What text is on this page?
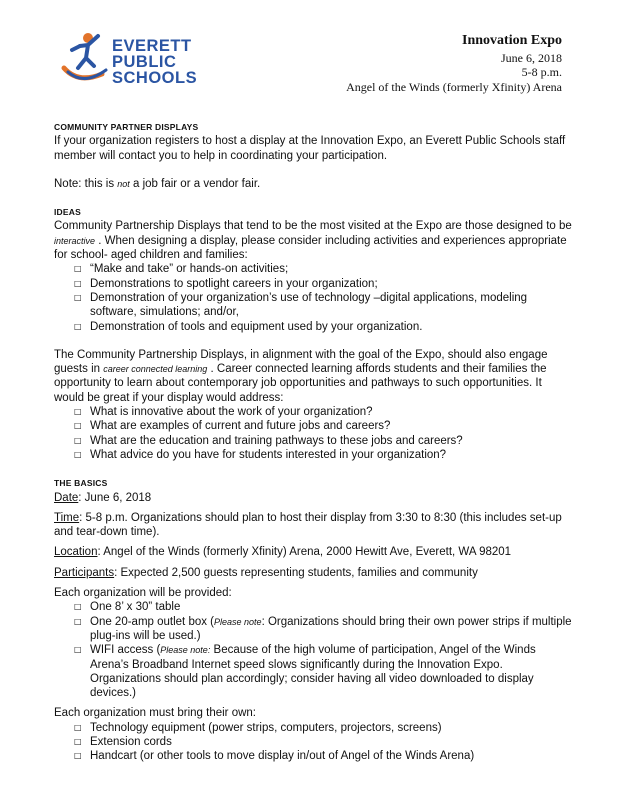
EVERETT
PUBLIC
SCHOOLS
Innovation Expo
June 6, 2018
5-8 p.m.
Angel of the Winds (formerly Xfinity) Arena
COMMUNITY PARTNER DISPLAYS

If your organization registers to host a display at the Innovation Expo, an Everett Public Schools staff member will contact you to help in coordinating your participation.

Note: this is not a job fair or a vendor fair.

IDEAS

Community Partnership Displays that tend to be the most visited at the Expo are those designed to be interactive . When designing a display, please consider including activities and experiences appropriate for school- aged children and families:

□ “Make and take” or hands-on activities;
□ Demonstrations to spotlight careers in your organization;
□ Demonstration of your organization’s use of technology –digital applications, modeling software, simulations; and/or,
□ Demonstration of tools and equipment used by your organization.

The Community Partnership Displays, in alignment with the goal of the Expo, should also engage guests in career connected learning . Career connected learning affords students and their families the opportunity to learn about contemporary job opportunities and pathways to such opportunities. It would be great if your display would address:

□ What is innovative about the work of your organization?
□ What are examples of current and future jobs and careers?
□ What are the education and training pathways to these jobs and careers?
□ What advice do you have for students interested in your organization?
THE BASICS

Date: June 6, 2018

Time: 5-8 p.m. Organizations should plan to host their display from 3:30 to 8:30 (this includes set-up and tear-down time).

Location: Angel of the Winds (formerly Xfinity) Arena, 2000 Hewitt Ave, Everett, WA 98201

Participants: Expected 2,500 guests representing students, families and community

Each organization will be provided:

□ One 8’ x 30” table
□ One 20-amp outlet box (Please note: Organizations should bring their own power strips if multiple plug-ins will be used.)
□ WIFI access (Please note: Because of the high volume of participation, Angel of the Winds Arena’s Broadband Internet speed slows significantly during the Innovation Expo. Organizations should plan accordingly; consider having all video downloaded to display devices.)

Each organization must bring their own:

□ Technology equipment (power strips, computers, projectors, screens)
□ Extension cords
□ Handcart (or other tools to move display in/out of Angel of the Winds Arena)
